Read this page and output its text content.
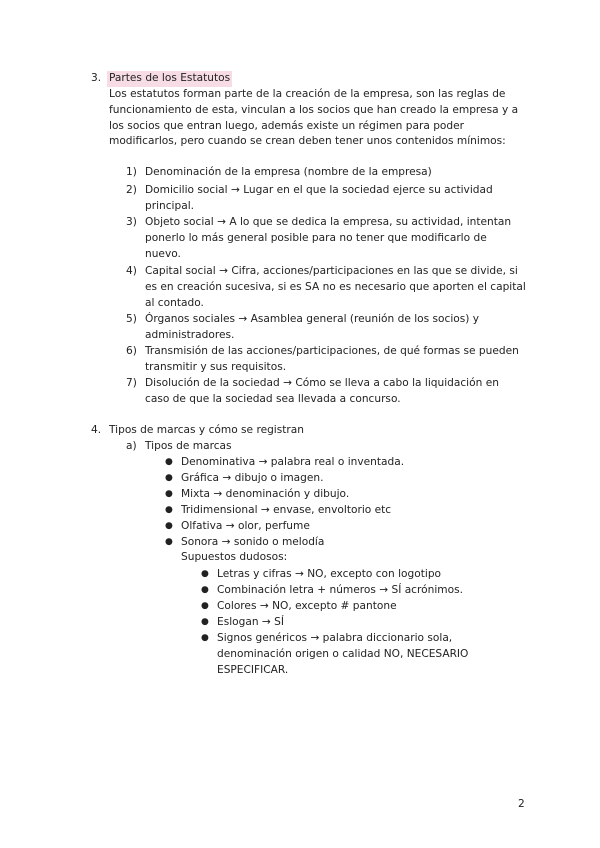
3. Partes de los Estatutos
Los estatutos forman parte de la creación de la empresa, son las reglas de
funcionamiento de esta, vinculan a los socios que han creado la empresa y a
los socios que entran luego, además existe un régimen para poder
modificarlos, pero cuando se crean deben tener unos contenidos mínimos:
1) Denominación de la empresa (nombre de la empresa)
2) Domicilio social → Lugar en el que la sociedad ejerce su actividad
principal.
3) Objeto social → A lo que se dedica la empresa, su actividad, intentan
ponerlo lo más general posible para no tener que modificarlo de
nuevo.
4) Capital social → Cifra, acciones/participaciones en las que se divide, si
es en creación sucesiva, si es SA no es necesario que aporten el capital
al contado.
5) Órganos sociales → Asamblea general (reunión de los socios) y
administradores.
6) Transmisión de las acciones/participaciones, de qué formas se pueden
transmitir y sus requisitos.
7) Disolución de la sociedad → Cómo se lleva a cabo la liquidación en
caso de que la sociedad sea llevada a concurso.
4. Tipos de marcas y cómo se registran
a) Tipos de marcas
● Denominativa → palabra real o inventada.
● Gráfica → dibujo o imagen.
● Mixta → denominación y dibujo.
● Tridimensional → envase, envoltorio etc
● Olfativa → olor, perfume
● Sonora → sonido o melodía
Supuestos dudosos:
● Letras y cifras → NO, excepto con logotipo
● Combinación letra + números → SÍ acrónimos.
● Colores → NO, excepto # pantone
● Eslogan → SÍ
● Signos genéricos → palabra diccionario sola,
denominación origen o calidad NO, NECESARIO
ESPECIFICAR.
2
